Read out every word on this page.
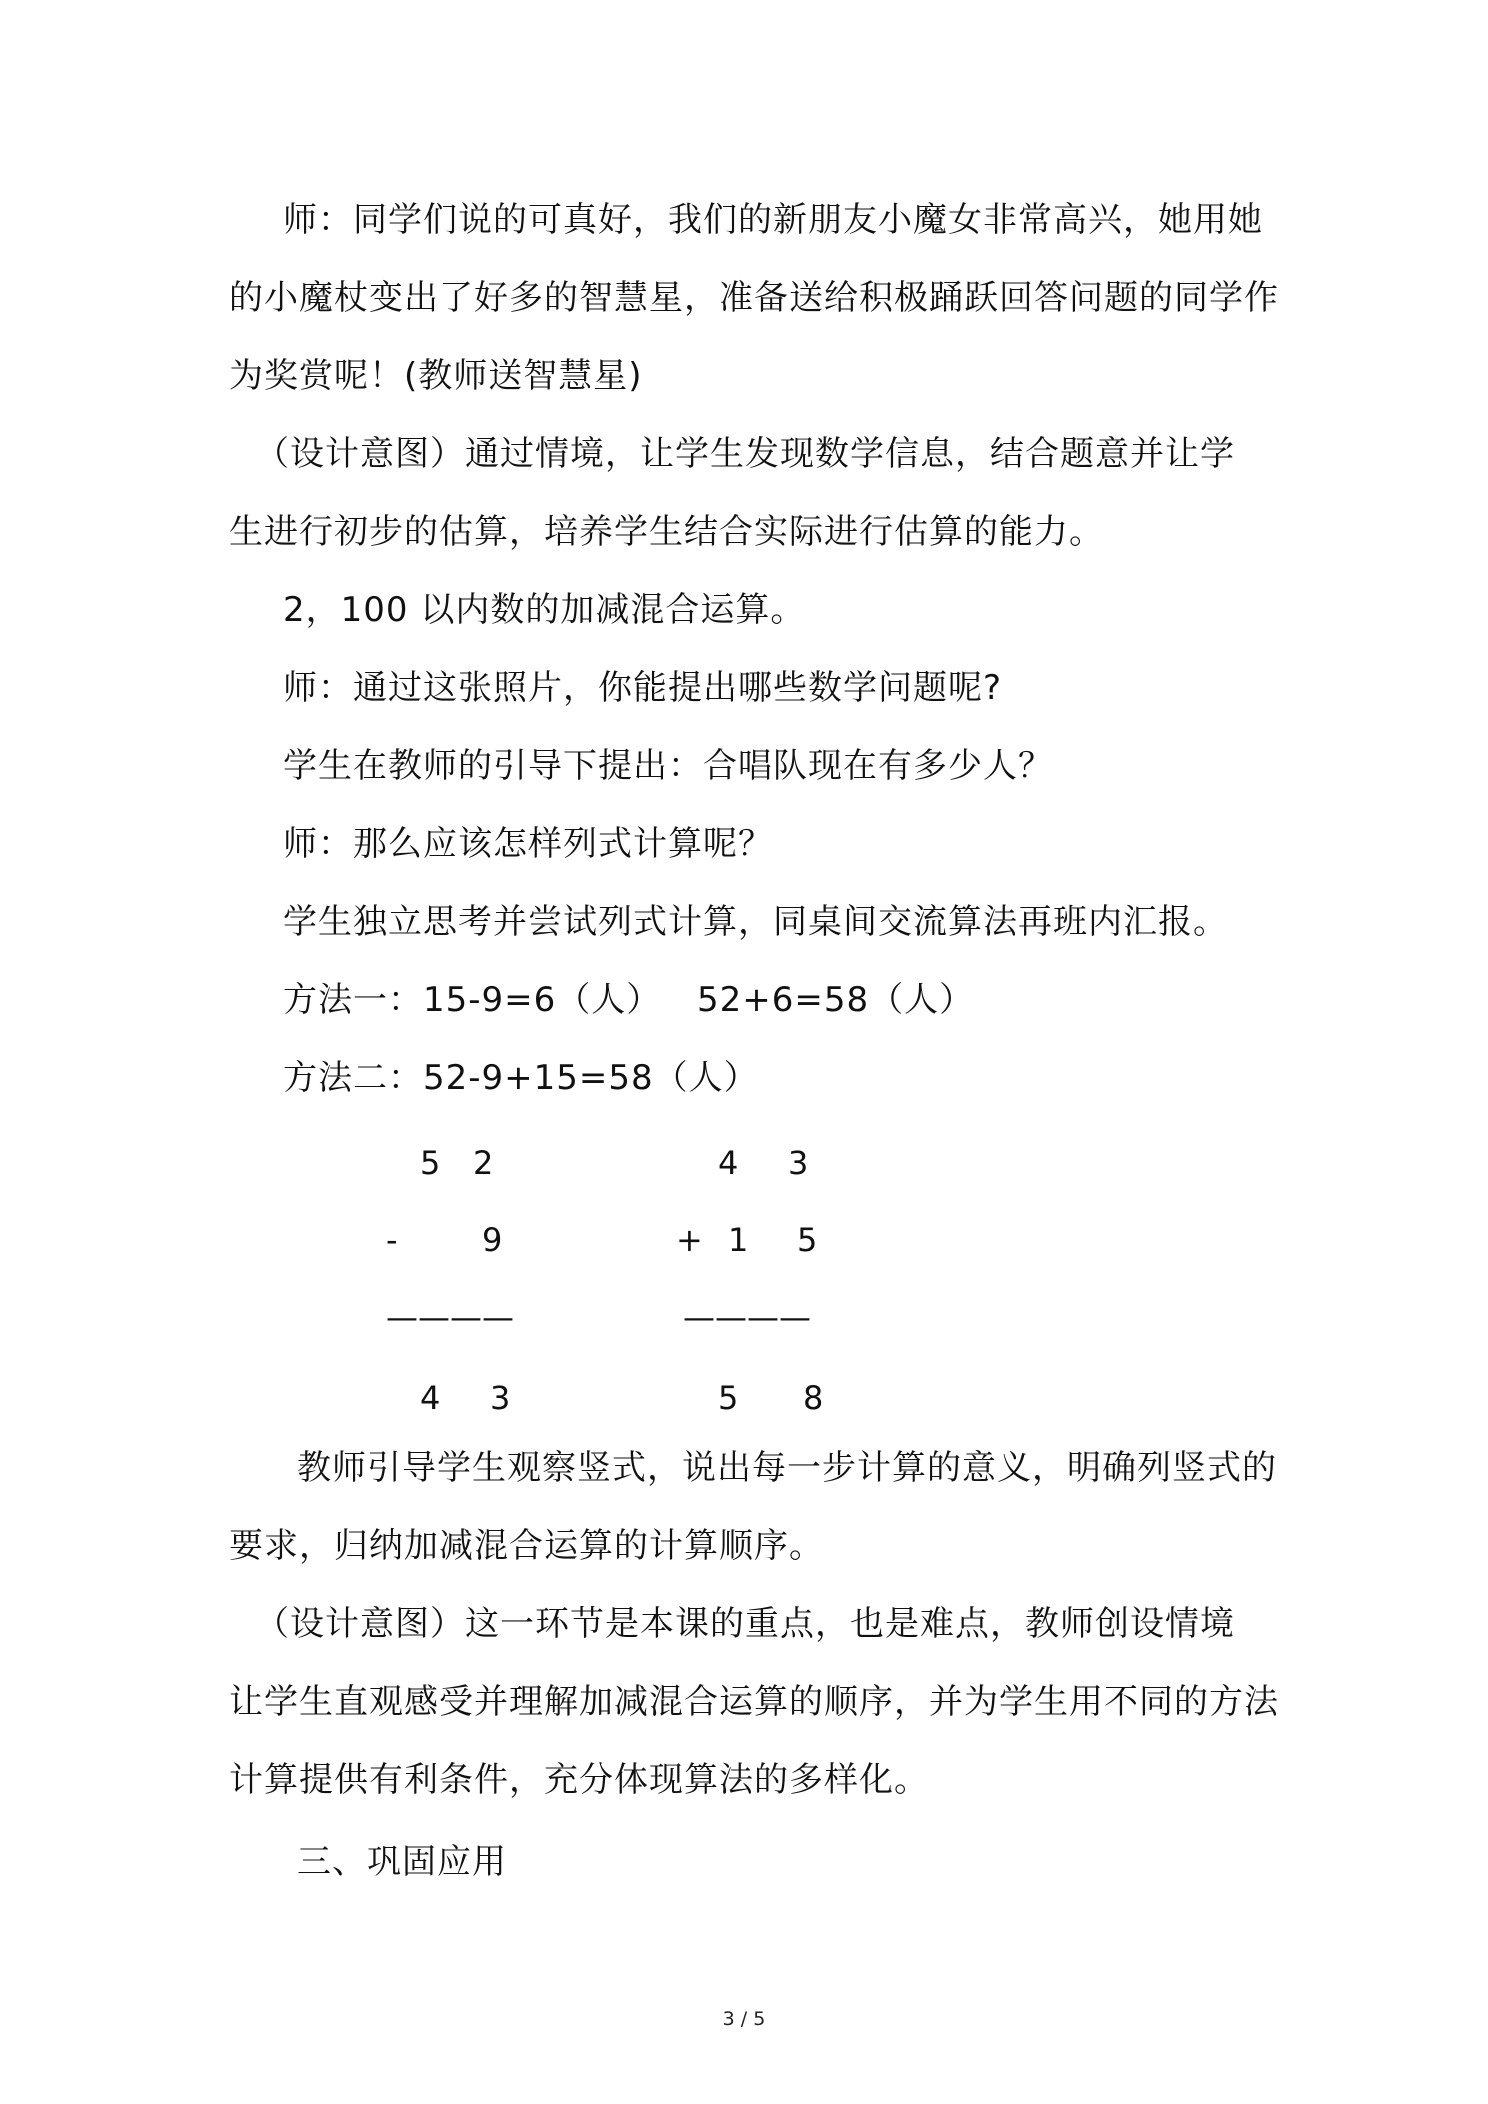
师：同学们说的可真好，我们的新朋友小魔女非常高兴，她用她
的小魔杖变出了好多的智慧星，准备送给积极踊跃回答问题的同学作
为奖赏呢！(教师送智慧星)
（设计意图）通过情境，让学生发现数学信息，结合题意并让学
生进行初步的估算，培养学生结合实际进行估算的能力。
2，100 以内数的加减混合运算。
师：通过这张照片，你能提出哪些数学问题呢?
学生在教师的引导下提出：合唱队现在有多少人？
师：那么应该怎样列式计算呢？
学生独立思考并尝试列式计算，同桌间交流算法再班内汇报。
方法一：15-9=6（人） 52+6=58（人）
方法二：52-9+15=58（人）
5 2
-	9
————
4 3
4 3
+ 1 5
————
5 8
教师引导学生观察竖式，说出每一步计算的意义，明确列竖式的
要求，归纳加减混合运算的计算顺序。
（设计意图）这一环节是本课的重点，也是难点，教师创设情境
让学生直观感受并理解加减混合运算的顺序，并为学生用不同的方法
计算提供有利条件，充分体现算法的多样化。
三、巩固应用
3 / 5
